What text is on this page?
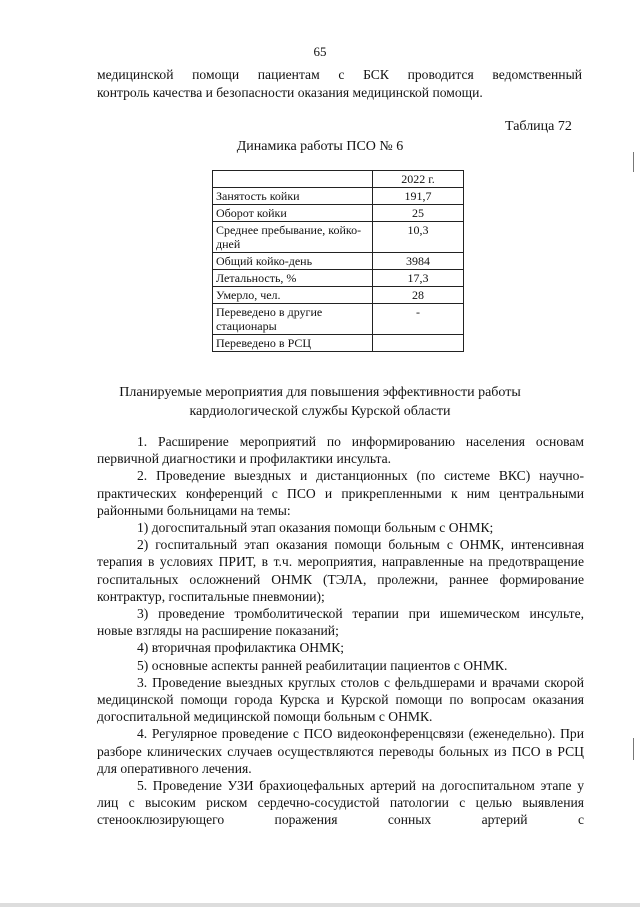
65
медицинской помощи пациентам с БСК проводится ведомственный
контроль качества и безопасности оказания медицинской помощи.
Таблица 72
Динамика работы ПСО № 6
	2022 г.
Занятость койки	191,7
Оборот койки	25
Среднее пребывание, койко-дней	10,3
Общий койко-день	3984
Летальность, %	17,3
Умерло, чел.	28
Переведено в другие стационары	-
Переведено в РСЦ	
Планируемые мероприятия для повышения эффективности работы
кардиологической службы Курской области

1. Расширение мероприятий по информированию населения основам первичной диагностики и профилактики инсульта.

2. Проведение выездных и дистанционных (по системе ВКС) научно-практических конференций с ПСО и прикрепленными к ним центральными районными больницами на темы:

1) догоспитальный этап оказания помощи больным с ОНМК;

2) госпитальный этап оказания помощи больным с ОНМК, интенсивная терапия в условиях ПРИТ, в т.ч. мероприятия, направленные на предотвращение госпитальных осложнений ОНМК (ТЭЛА, пролежни, раннее формирование контрактур, госпитальные пневмонии);

3) проведение тромболитической терапии при ишемическом инсульте, новые взгляды на расширение показаний;

4) вторичная профилактика ОНМК;

5) основные аспекты ранней реабилитации пациентов с ОНМК.

3. Проведение выездных круглых столов с фельдшерами и врачами скорой медицинской помощи города Курска и Курской помощи по вопросам оказания догоспитальной медицинской помощи больным с ОНМК.

4. Регулярное проведение с ПСО видеоконференцсвязи (еженедельно). При разборе клинических случаев осуществляются переводы больных из ПСО в РСЦ для оперативного лечения.

5. Проведение УЗИ брахиоцефальных артерий на догоспитальном этапе у лиц с высоким риском сердечно-сосудистой патологии с целью выявления стенооклюзирующего поражения сонных артерий с
